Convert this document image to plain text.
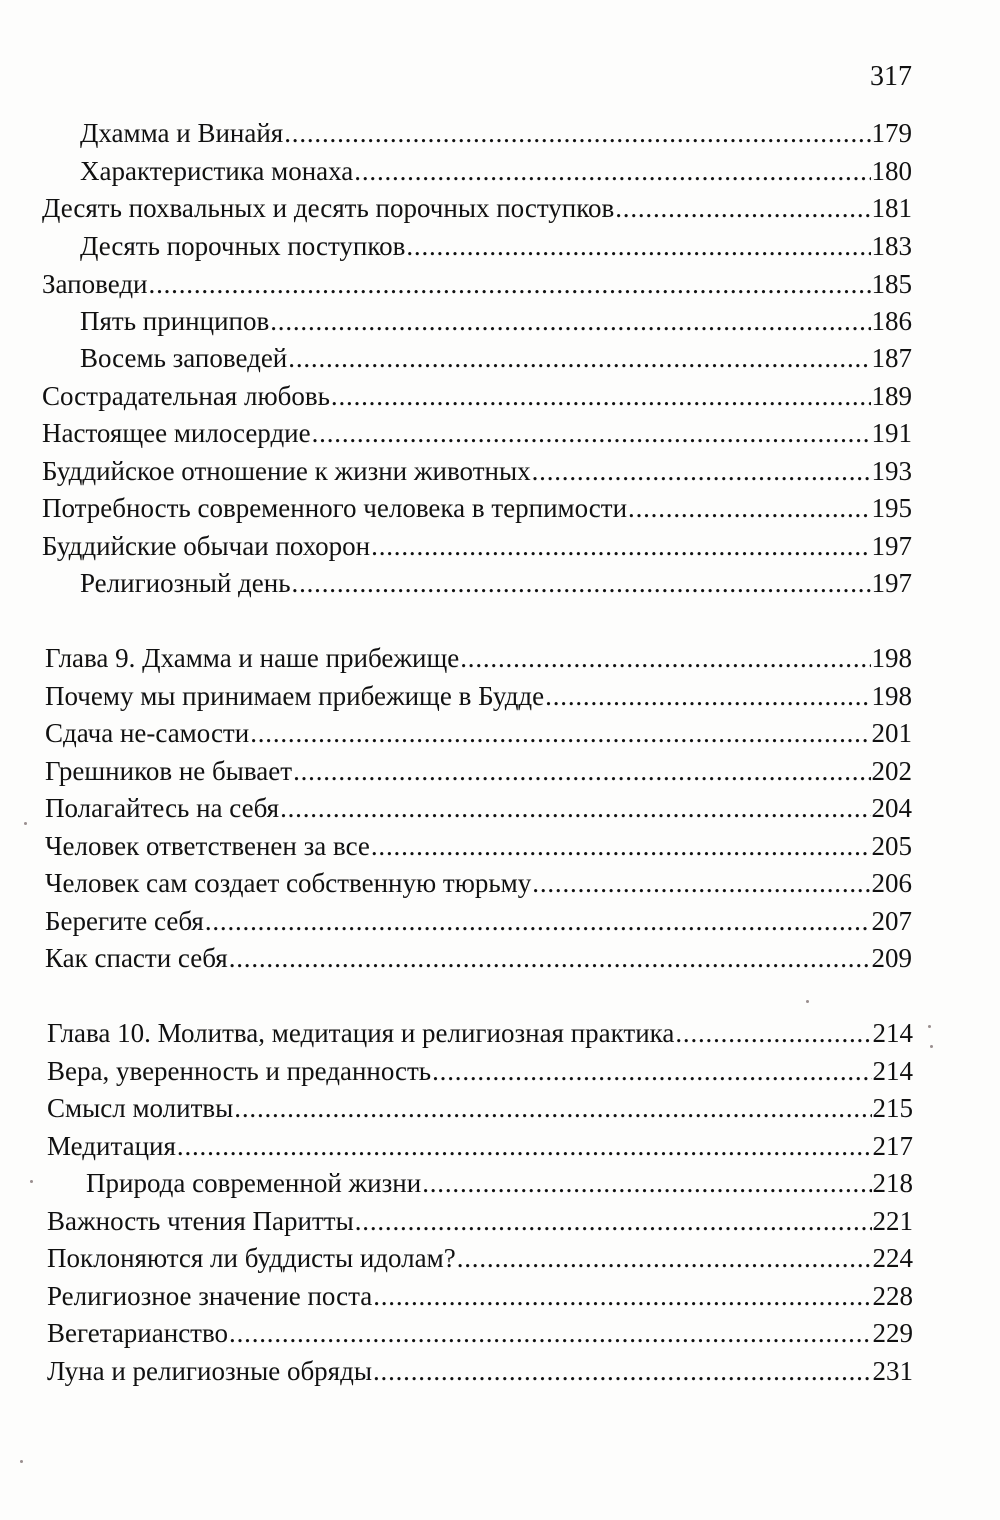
317
Дхамма и Винайя .....	179
Характеристика монаха .....	180
Десять похвальных и десять порочных поступков .....	181
Десять порочных поступков .....	183
Заповеди .....	185
Пять принципов .....	186
Восемь заповедей .....	187
Сострадательная любовь .....	189
Настоящее милосердие .....	191
Буддийское отношение к жизни животных .....	193
Потребность современного человека в терпимости .....	195
Буддийские обычаи похорон .....	197
Религиозный день .....	197
Глава 9. Дхамма и наше прибежище .....	198
Почему мы принимаем прибежище в Будде .....	198
Сдача не-самости .....	201
Грешников не бывает .....	202
Полагайтесь на себя .....	204
Человек ответственен за все .....	205
Человек сам создает собственную тюрьму .....	206
Берегите себя .....	207
Как спасти себя .....	209
Глава 10. Молитва, медитация и религиозная практика .....	214
Вера, уверенность и преданность .....	214
Смысл молитвы .....	215
Медитация .....	217
Природа современной жизни .....	218
Важность чтения Паритты .....	221
Поклоняются ли буддисты идолам? .....	224
Религиозное значение поста .....	228
Вегетарианство .....	229
Луна и религиозные обряды .....	231
